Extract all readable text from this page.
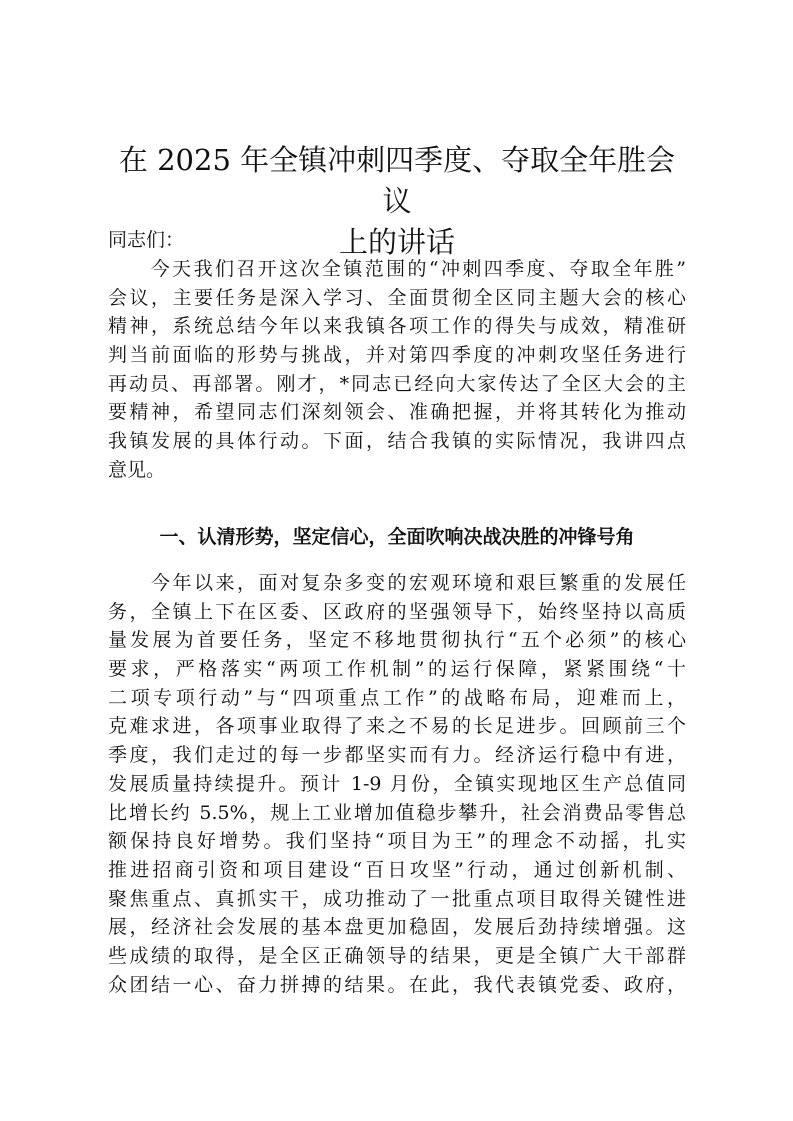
在 2025 年全镇冲刺四季度、夺取全年胜会议
上的讲话
同志们：
　　今天我们召开这次全镇范围的“冲刺四季度、夺取全年胜”
会议，主要任务是深入学习、全面贯彻全区同主题大会的核心
精神，系统总结今年以来我镇各项工作的得失与成效，精准研
判当前面临的形势与挑战，并对第四季度的冲刺攻坚任务进行
再动员、再部署。刚才，*同志已经向大家传达了全区大会的主
要精神，希望同志们深刻领会、准确把握，并将其转化为推动
我镇发展的具体行动。下面，结合我镇的实际情况，我讲四点
意见。
一、认清形势，坚定信心，全面吹响决战决胜的冲锋号角
　　今年以来，面对复杂多变的宏观环境和艰巨繁重的发展任
务，全镇上下在区委、区政府的坚强领导下，始终坚持以高质
量发展为首要任务，坚定不移地贯彻执行“五个必须”的核心
要求，严格落实“两项工作机制”的运行保障，紧紧围绕“十
二项专项行动”与“四项重点工作”的战略布局，迎难而上，
克难求进，各项事业取得了来之不易的长足进步。回顾前三个
季度，我们走过的每一步都坚实而有力。经济运行稳中有进，
发展质量持续提升。预计 1-9 月份，全镇实现地区生产总值同
比增长约 5.5%，规上工业增加值稳步攀升，社会消费品零售总
额保持良好增势。我们坚持“项目为王”的理念不动摇，扎实
推进招商引资和项目建设“百日攻坚”行动，通过创新机制、
聚焦重点、真抓实干，成功推动了一批重点项目取得关键性进
展，经济社会发展的基本盘更加稳固，发展后劲持续增强。这
些成绩的取得，是全区正确领导的结果，更是全镇广大干部群
众团结一心、奋力拼搏的结果。在此，我代表镇党委、政府，
